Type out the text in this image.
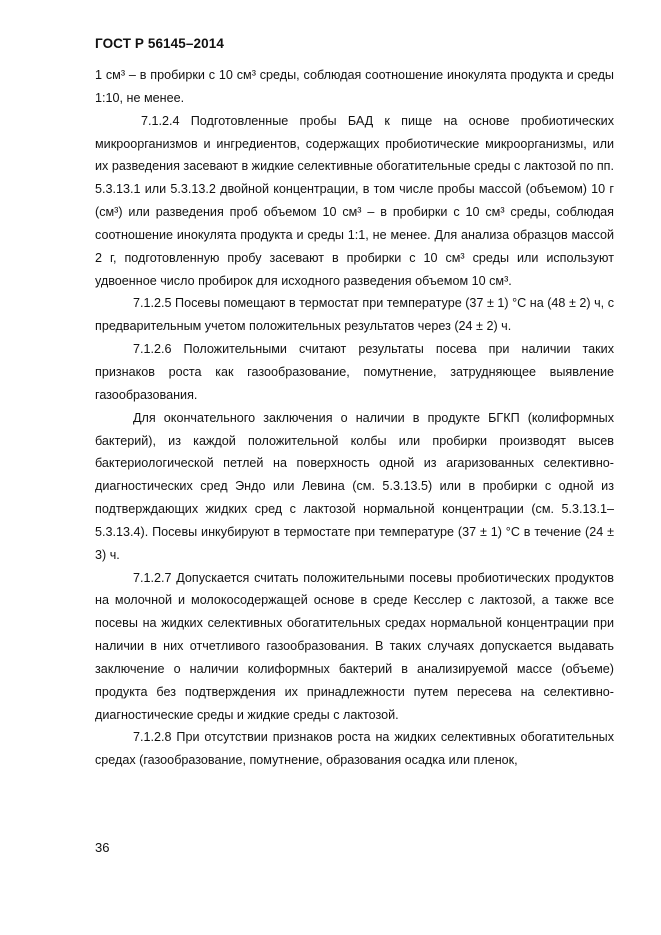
ГОСТ Р 56145–2014

1 см³ – в пробирки с 10 см³ среды, соблюдая соотношение инокулята продукта и среды 1:10, не менее.

7.1.2.4 Подготовленные пробы БАД к пище на основе пробиотических микроорганизмов и ингредиентов, содержащих пробиотические микроорганизмы, или их разведения засевают в жидкие селективные обогатительные среды с лактозой по пп. 5.3.13.1 или 5.3.13.2 двойной концентрации, в том числе пробы массой (объемом) 10 г (см³) или разведения проб объемом 10 см³ – в пробирки с 10 см³ среды, соблюдая соотношение инокулята продукта и среды 1:1, не менее. Для анализа образцов массой 2 г, подготовленную пробу засевают в пробирки с 10 см³ среды или используют удвоенное число пробирок для исходного разведения объемом 10 см³.

7.1.2.5 Посевы помещают в термостат при температуре (37 ± 1) °С на (48 ± 2) ч, с предварительным учетом положительных результатов через (24 ± 2) ч.

7.1.2.6 Положительными считают результаты посева при наличии таких признаков роста как газообразование, помутнение, затрудняющее выявление газообразования.

Для окончательного заключения о наличии в продукте БГКП (колиформных бактерий), из каждой положительной колбы или пробирки производят высев бактериологической петлей на поверхность одной из агаризованных селективно-диагностических сред Эндо или Левина (см. 5.3.13.5) или в пробирки с одной из подтверждающих жидких сред с лактозой нормальной концентрации (см. 5.3.13.1–5.3.13.4). Посевы инкубируют в термостате при температуре (37 ± 1) °С в течение (24 ± 3) ч.

7.1.2.7 Допускается считать положительными посевы пробиотических продуктов на молочной и молокосодержащей основе в среде Кесслер с лактозой, а также все посевы на жидких селективных обогатительных средах нормальной концентрации при наличии в них отчетливого газообразования. В таких случаях допускается выдавать заключение о наличии колиформных бактерий в анализируемой массе (объеме) продукта без подтверждения их принадлежности путем пересева на селективно-диагностические среды и жидкие среды с лактозой.

7.1.2.8 При отсутствии признаков роста на жидких селективных обогатительных средах (газообразование, помутнение, образования осадка или пленок,

36
